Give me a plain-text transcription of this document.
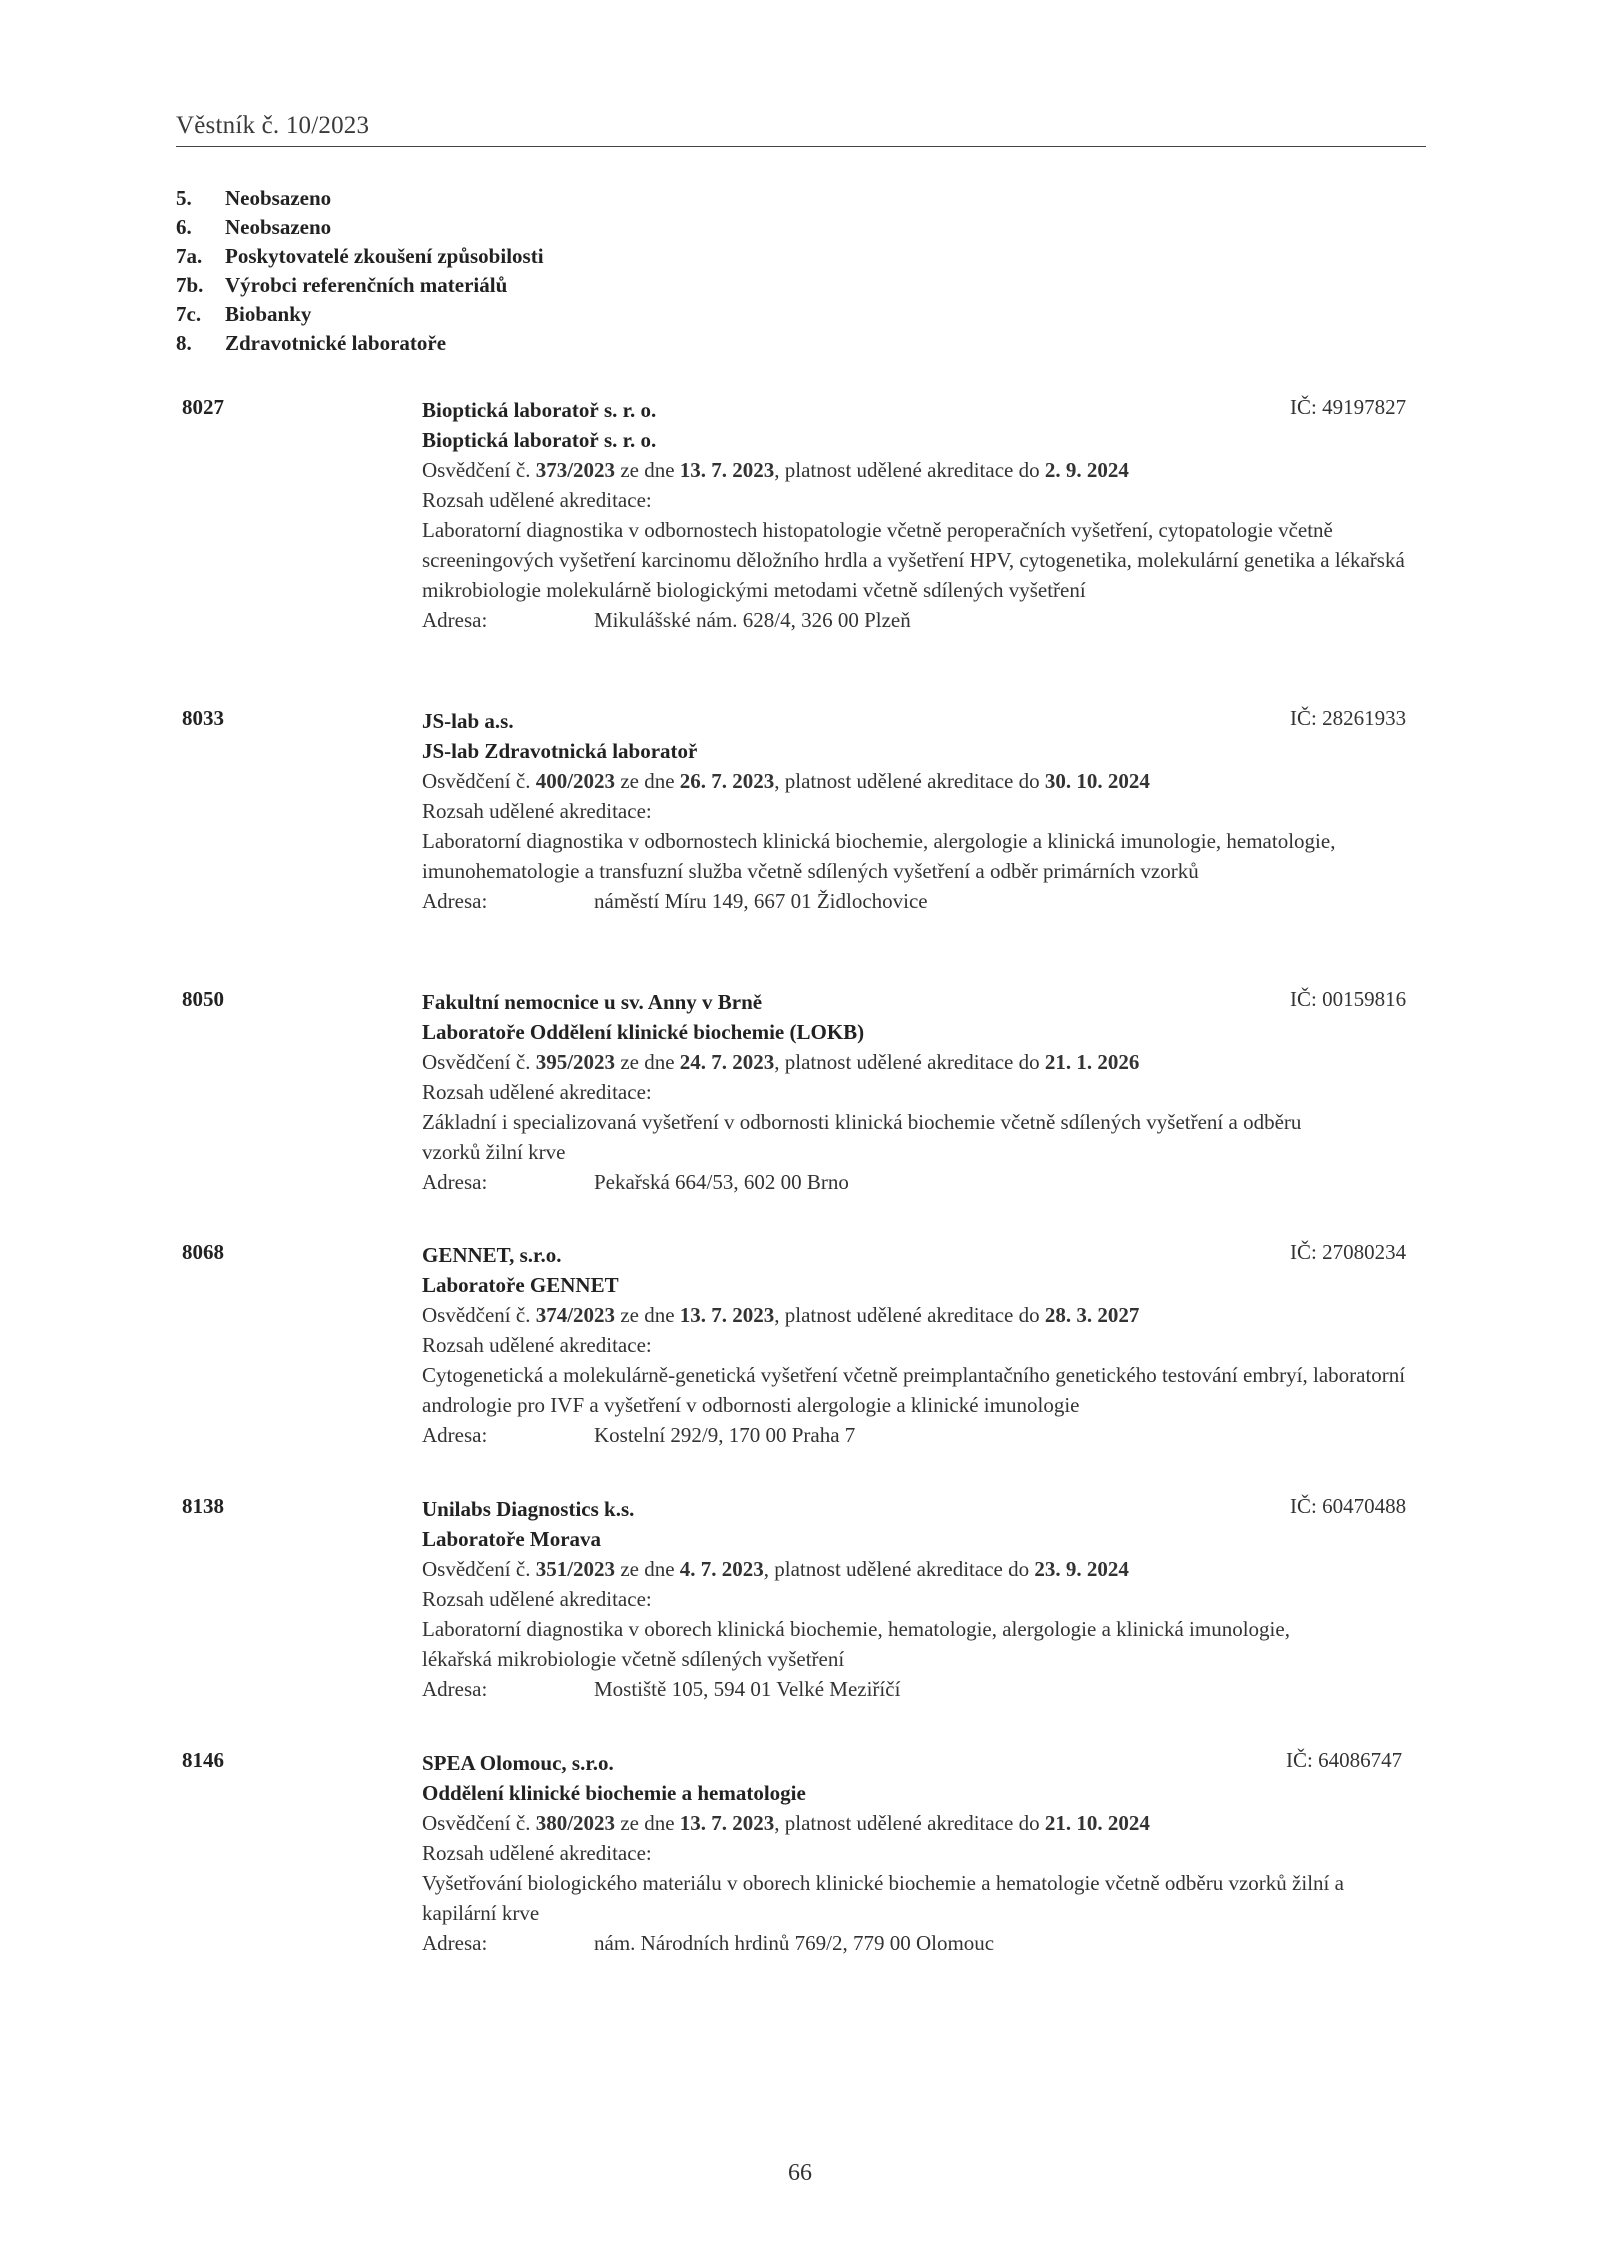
Věstník č. 10/2023
5.	Neobsazeno
6.	Neobsazeno
7a.	Poskytovatelé zkoušení způsobilosti
7b.	Výrobci referenčních materiálů
7c.	Biobanky
8.	Zdravotnické laboratoře
8027	Bioptická laboratoř s. r. o.	IČ: 49197827
Bioptická laboratoř s. r. o.
Osvědčení č. 373/2023 ze dne 13. 7. 2023, platnost udělené akreditace do 2. 9. 2024
Rozsah udělené akreditace:
Laboratorní diagnostika v odbornostech histopatologie včetně peroperačních vyšetření, cytopatologie včetně screeningových vyšetření karcinomu děložního hrdla a vyšetření HPV, cytogenetika, molekulární genetika a lékařská mikrobiologie molekulárně biologickými metodami včetně sdílených vyšetření
Adresa:	Mikulášské nám. 628/4, 326 00 Plzeň
8033	JS-lab a.s.	IČ: 28261933
JS-lab Zdravotnická laboratoř
Osvědčení č. 400/2023 ze dne 26. 7. 2023, platnost udělené akreditace do 30. 10. 2024
Rozsah udělené akreditace:
Laboratorní diagnostika v odbornostech klinická biochemie, alergologie a klinická imunologie, hematologie, imunohematologie a transfuzní služba včetně sdílených vyšetření a odběr primárních vzorků
Adresa:	náměstí Míru 149, 667 01 Židlochovice
8050	Fakultní nemocnice u sv. Anny v Brně	IČ: 00159816
Laboratoře Oddělení klinické biochemie (LOKB)
Osvědčení č. 395/2023 ze dne 24. 7. 2023, platnost udělené akreditace do 21. 1. 2026
Rozsah udělené akreditace:
Základní i specializovaná vyšetření v odbornosti klinická biochemie včetně sdílených vyšetření a odběru vzorků žilní krve
Adresa:	Pekařská 664/53, 602 00 Brno
8068	GENNET, s.r.o.	IČ: 27080234
Laboratoře GENNET
Osvědčení č. 374/2023 ze dne 13. 7. 2023, platnost udělené akreditace do 28. 3. 2027
Rozsah udělené akreditace:
Cytogenetická a molekulárně-genetická vyšetření včetně preimplantačního genetického testování embryí, laboratorní andrologie pro IVF a vyšetření v odbornosti alergologie a klinické imunologie
Adresa:	Kostelní 292/9, 170 00 Praha 7
8138	Unilabs Diagnostics k.s.	IČ: 60470488
Laboratoře Morava
Osvědčení č. 351/2023 ze dne 4. 7. 2023, platnost udělené akreditace do 23. 9. 2024
Rozsah udělené akreditace:
Laboratorní diagnostika v oborech klinická biochemie, hematologie, alergologie a klinická imunologie, lékařská mikrobiologie včetně sdílených vyšetření
Adresa:	Mostiště 105, 594 01 Velké Meziříčí
8146	SPEA Olomouc, s.r.o.	IČ: 64086747
Oddělení klinické biochemie a hematologie
Osvědčení č. 380/2023 ze dne 13. 7. 2023, platnost udělené akreditace do 21. 10. 2024
Rozsah udělené akreditace:
Vyšetřování biologického materiálu v oborech klinické biochemie a hematologie včetně odběru vzorků žilní a kapilární krve
Adresa:	nám. Národních hrdinů 769/2, 779 00 Olomouc
66
